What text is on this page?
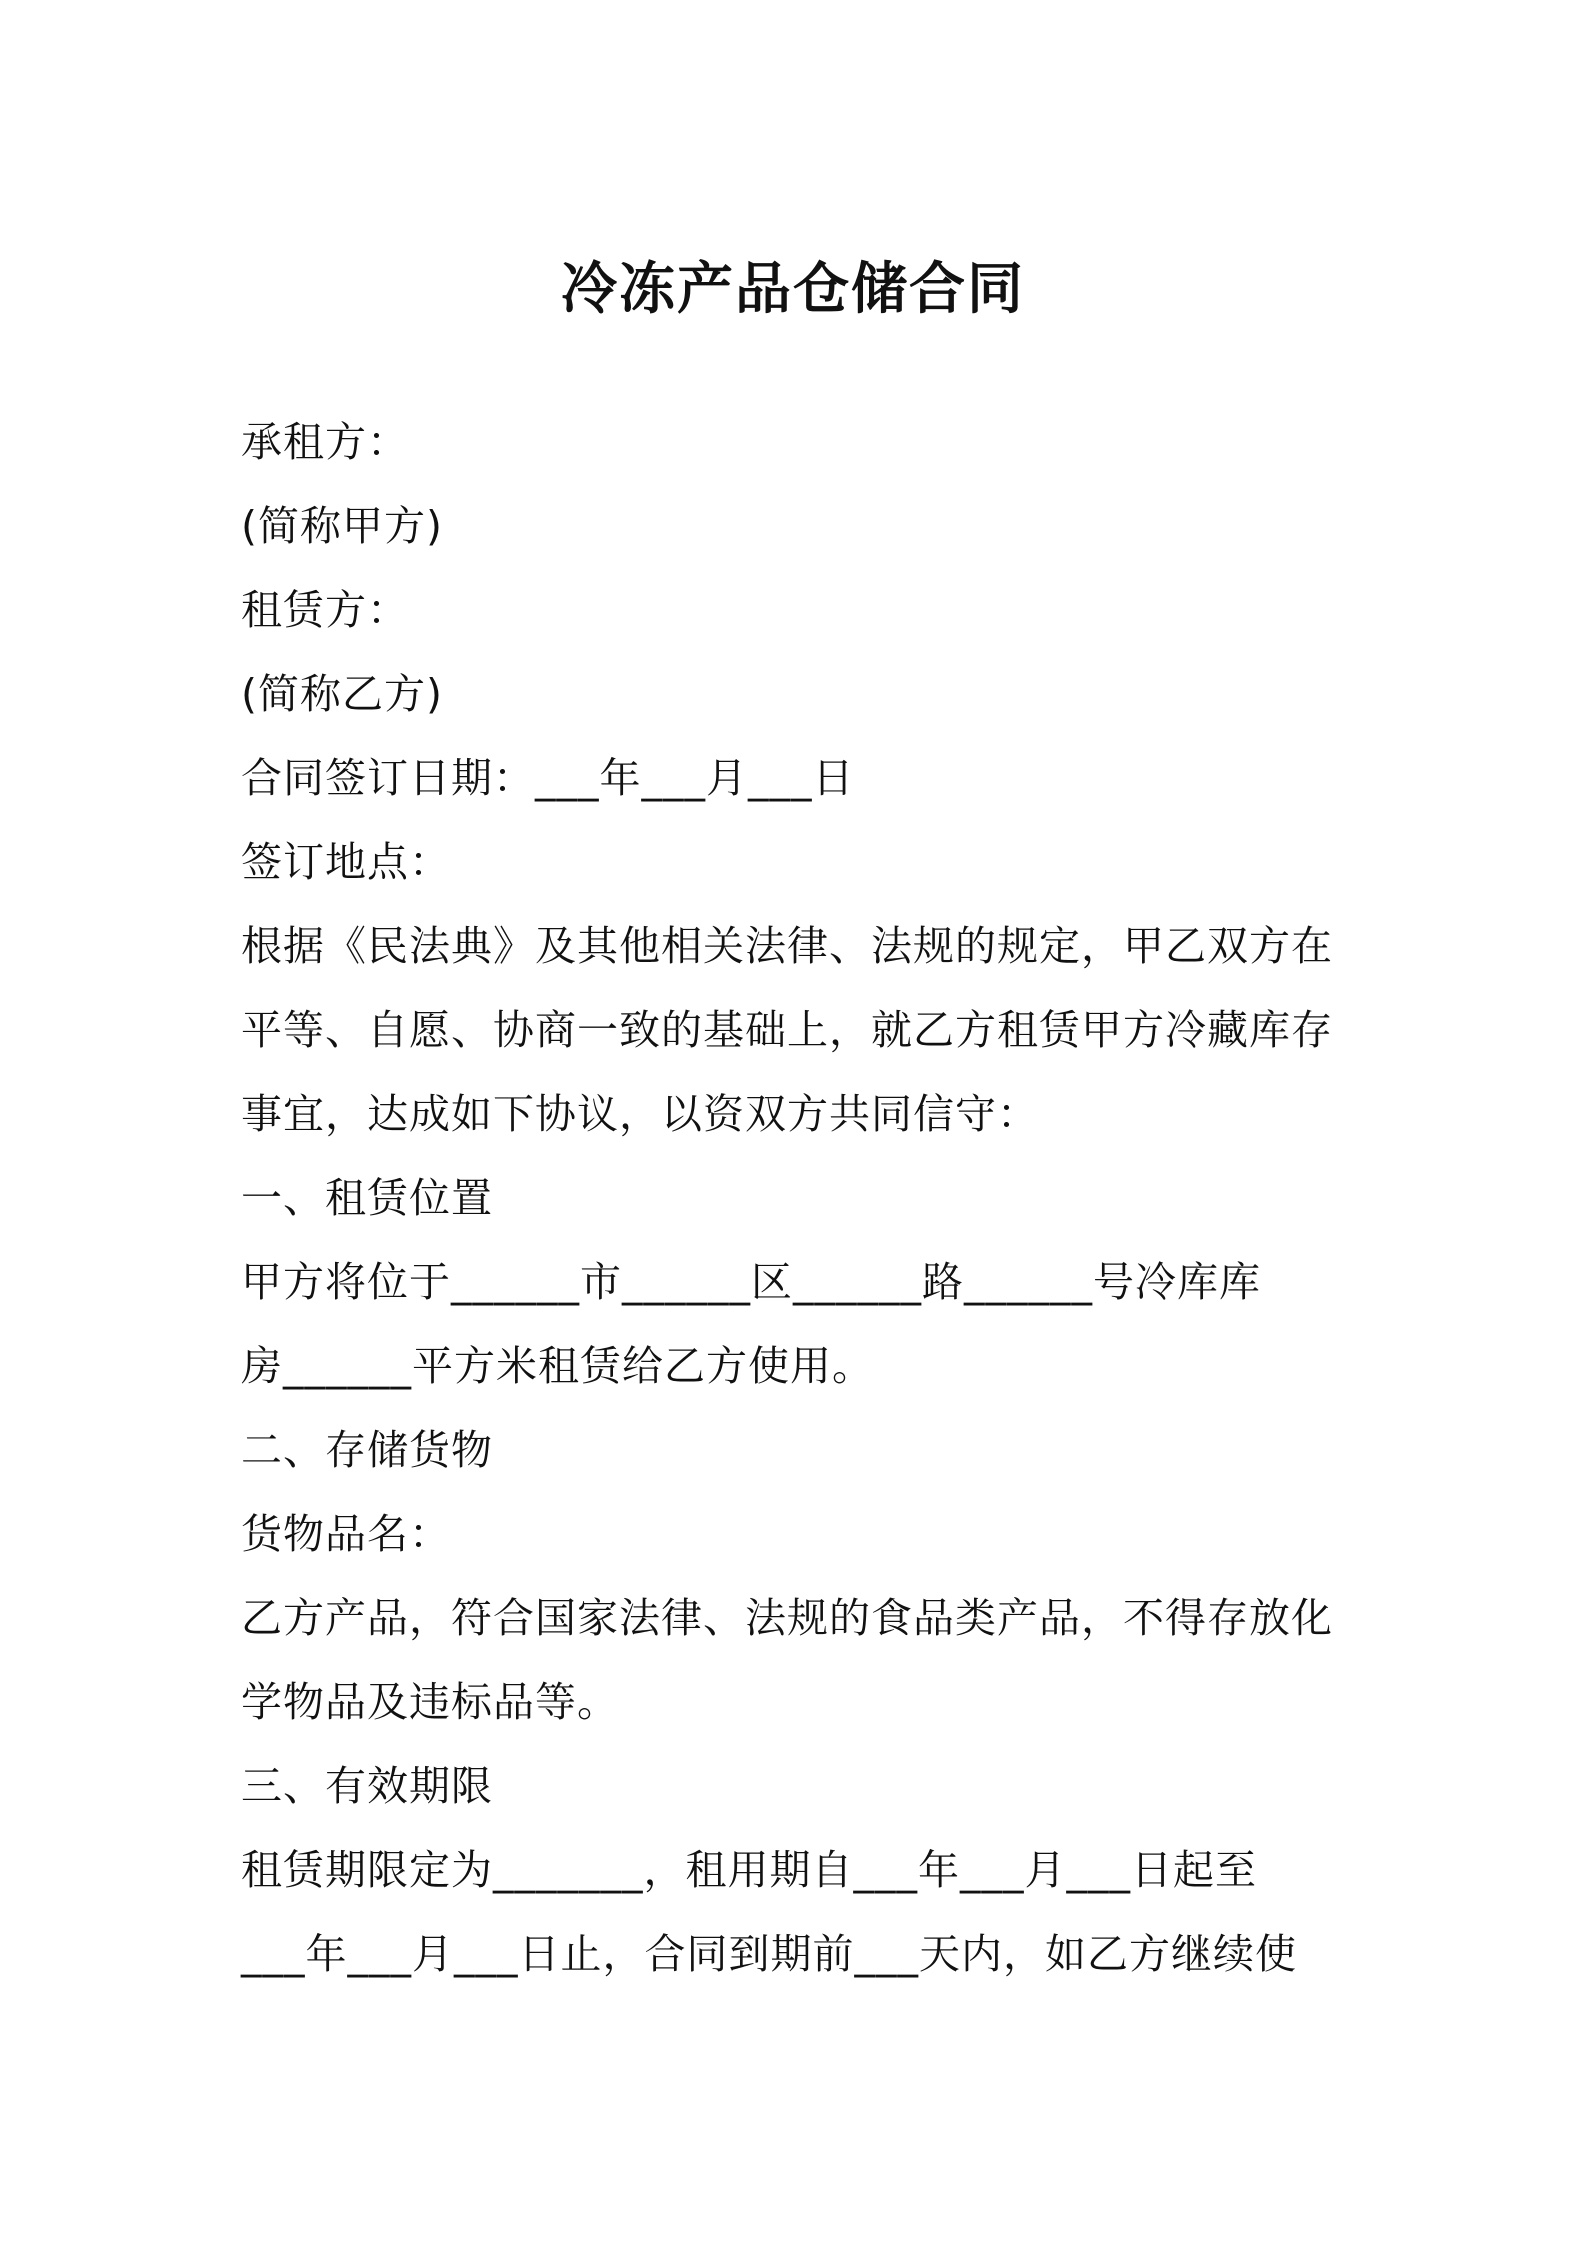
冷冻产品仓储合同
承租方：
(简称甲方)
租赁方：
(简称乙方)
合同签订日期：___年___月___日
签订地点：
根据《民法典》及其他相关法律、法规的规定，甲乙双方在
平等、自愿、协商一致的基础上，就乙方租赁甲方冷藏库存
事宜，达成如下协议，以资双方共同信守：
一、租赁位置
甲方将位于______市______区______路______号冷库库
房______平方米租赁给乙方使用。
二、存储货物
货物品名：
乙方产品，符合国家法律、法规的食品类产品，不得存放化
学物品及违标品等。
三、有效期限
租赁期限定为_______，租用期自___年___月___日起至
___年___月___日止，合同到期前___天内，如乙方继续使
